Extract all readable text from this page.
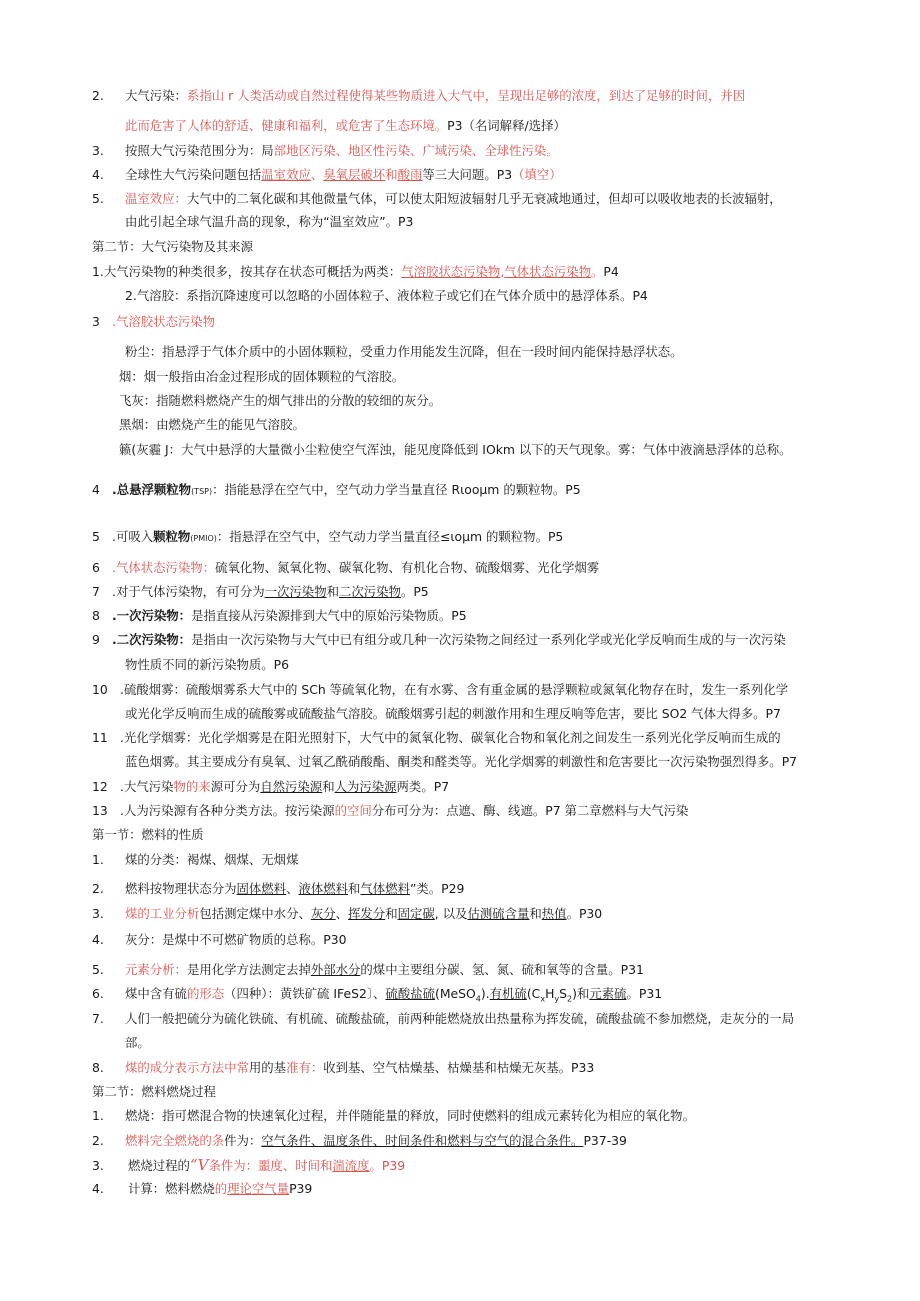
2. 大气污染：系指山 r 人类活动或自然过程使得某些物质进入大气中，呈现出足够的浓度，到达了足够的时间，并因
此而危害了人体的舒适、健康和福利，或危害了生态环境。P3（名词解释/选择）
3. 按照大气污染范围分为：局部地区污染、地区性污染、广域污染、全球性污染。
4. 全球性大气污染问题包括温室效应、臭氧层破坏和酸雨等三大问题。P3（填空）
5. 温室效应：大气中的二氧化碳和其他微量气体，可以使太阳短波辐射几乎无衰减地通过，但却可以吸收地表的长波辐射，
由此引起全球气温升高的现象，称为“温室效应”。P3
第二节：大气污染物及其来源
1.大气污染物的种类很多，按其存在状态可概括为两类：气溶胶状态污染物,气体状态污染物。P4
2.气溶胶：系指沉降速度可以忽略的小固体粒子、液体粒子或它们在气体介质中的悬浮体系。P4
3 .气溶胶状态污染物
粉尘：指悬浮于气体介质中的小固体颗粒，受重力作用能发生沉降，但在一段时间内能保持悬浮状态。
烟：烟一般指由冶金过程形成的固体颗粒的气溶胶。
飞灰：指随燃料燃烧产生的烟气排出的分散的较细的灰分。
黑烟：由燃烧产生的能见气溶胶。
籁(灰霾 J：大气中悬浮的大量微小尘粒使空气浑浊，能见度降低到 IOkm 以下的天气现象。雾：气体中液滴悬浮体的总称。
4 .总悬浮颗粒物(TSP)：指能悬浮在空气中，空气动力学当量直径 Rιooμm 的颗粒物。P5
5 .可吸入颗粒物(PMIO)：指悬浮在空气中，空气动力学当量直径≤ιoμm 的颗粒物。P5
6 .气体状态污染物：硫氧化物、氮氧化物、碳氧化物、有机化合物、硫酸烟雾、光化学烟雾
7 .对于气体污染物，有可分为一次污染物和二次污染物。P5
8 .一次污染物：是指直接从污染源排到大气中的原始污染物质。P5
9 .二次污染物：是指由一次污染物与大气中已有组分或几种一次污染物之间经过一系列化学或光化学反响而生成的与一次污染
物性质不同的新污染物质。P6
10 .硫酸烟雾：硫酸烟雾系大气中的 SCh 等硫氧化物，在有水雾、含有重金属的悬浮颗粒或氮氧化物存在时，发生一系列化学
或光化学反响而生成的硫酸雾或硫酸盐气溶胶。硫酸烟雾引起的刺激作用和生理反响等危害，要比 SO2 气体大得多。P7
11 .光化学烟雾：光化学烟雾是在阳光照射下，大气中的氮氧化物、碳氧化合物和氧化剂之间发生一系列光化学反响而生成的
蓝色烟雾。其主要成分有臭氧、过氧乙酰硝酸酯、酮类和醛类等。光化学烟雾的刺激性和危害要比一次污染物强烈得多。P7
12 .大气污染物的来源可分为自然污染源和人为污染源两类。P7
13 .人为污染源有各种分类方法。按污染源的空间分布可分为：点遮、酶、线遮。P7 第二章燃料与大气污染
第一节：燃料的性质
1. 煤的分类：褐煤、烟煤、无烟煤
2. 燃料按物理状态分为固体燃料、液体燃料和气体燃料”类。P29
3. 煤的工业分析包括测定煤中水分、灰分、挥发分和固定碳, 以及估测硫含量和热值。P30
4. 灰分：是煤中不可燃矿物质的总称。P30
5. 元素分析：是用化学方法测定去掉外部水分的煤中主要组分碳、氢、氮、硫和氧等的含量。P31
6. 煤中含有硫的形态（四种）：黄铁矿硫 IFeS2〕、硫酸盐硫(MeSO$_4$).有机硫$(C_xH_yS_2)$和元素硫。P31
7. 人们一般把硫分为硫化铁硫、有机硫、硫酸盐硫，前两种能燃烧放出热量称为挥发硫，硫酸盐硫不参加燃烧，走灰分的一局
部。
8. 煤的成分表示方法中常用的基准有：收到基、空气枯燥基、枯燥基和枯燥无灰基。P33
第二节：燃料燃烧过程
1. 燃烧：指可燃混合物的快速氧化过程，并伴随能量的释放，同时使燃料的组成元素转化为相应的氧化物。
2. 燃料完全燃烧的条件为：空气条件、温度条件、时间条件和燃料与空气的混合条件。P37-39
3. 燃烧过程的“V条件为：噩度、时间和湍流度。P39
4. 计算：燃料燃烧的理论空气量P39
